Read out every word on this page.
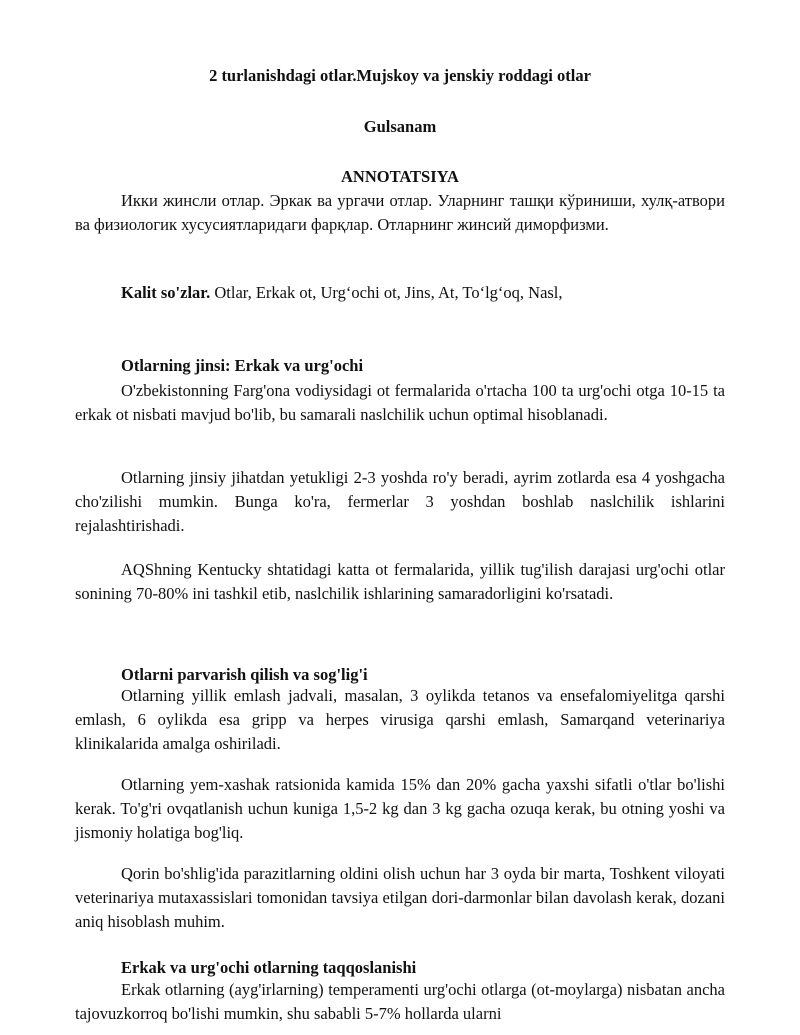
2 turlanishdagi otlar.Mujskoy va jenskiy roddagi otlar
Gulsanam
ANNOTATSIYA

Икки жинсли отлар. Эркак ва ургачи отлар. Уларнинг ташқи кўриниши, хулқ-атвори ва физиологик хусусиятларидаги фарқлар. Отларнинг жинсий диморфизми.

Kalit so'zlar. Otlar, Erkak ot, Urg‘ochi ot, Jins, At, To‘lg‘oq, Nasl,

Otlarning jinsi: Erkak va urg'ochi

O'zbekistonning Farg'ona vodiysidagi ot fermalarida o'rtacha 100 ta urg'ochi otga 10-15 ta erkak ot nisbati mavjud bo'lib, bu samarali naslchilik uchun optimal hisoblanadi.

Otlarning jinsiy jihatdan yetukligi 2-3 yoshda ro'y beradi, ayrim zotlarda esa 4 yoshgacha cho'zilishi mumkin. Bunga ko'ra, fermerlar 3 yoshdan boshlab naslchilik ishlarini rejalashtirishadi.

AQShning Kentucky shtatidagi katta ot fermalarida, yillik tug'ilish darajasi urg'ochi otlar sonining 70-80% ini tashkil etib, naslchilik ishlarining samaradorligini ko'rsatadi.

Otlarni parvarish qilish va sog'lig'i

Otlarning yillik emlash jadvali, masalan, 3 oylikda tetanos va ensefalomiyelitga qarshi emlash, 6 oylikda esa gripp va herpes virusiga qarshi emlash, Samarqand veterinariya klinikalarida amalga oshiriladi.

Otlarning yem-xashak ratsionida kamida 15% dan 20% gacha yaxshi sifatli o'tlar bo'lishi kerak. To'g'ri ovqatlanish uchun kuniga 1,5-2 kg dan 3 kg gacha ozuqa kerak, bu otning yoshi va jismoniy holatiga bog'liq.

Qorin bo'shlig'ida parazitlarning oldini olish uchun har 3 oyda bir marta, Toshkent viloyati veterinariya mutaxassislari tomonidan tavsiya etilgan dori-darmonlar bilan davolash kerak, dozani aniq hisoblash muhim.

Erkak va urg'ochi otlarning taqqoslanishi

Erkak otlarning (ayg'irlarning) temperamenti urg'ochi otlarga (ot-moylarga) nisbatan ancha tajovuzkorroq bo'lishi mumkin, shu sababli 5-7% hollarda ularni
